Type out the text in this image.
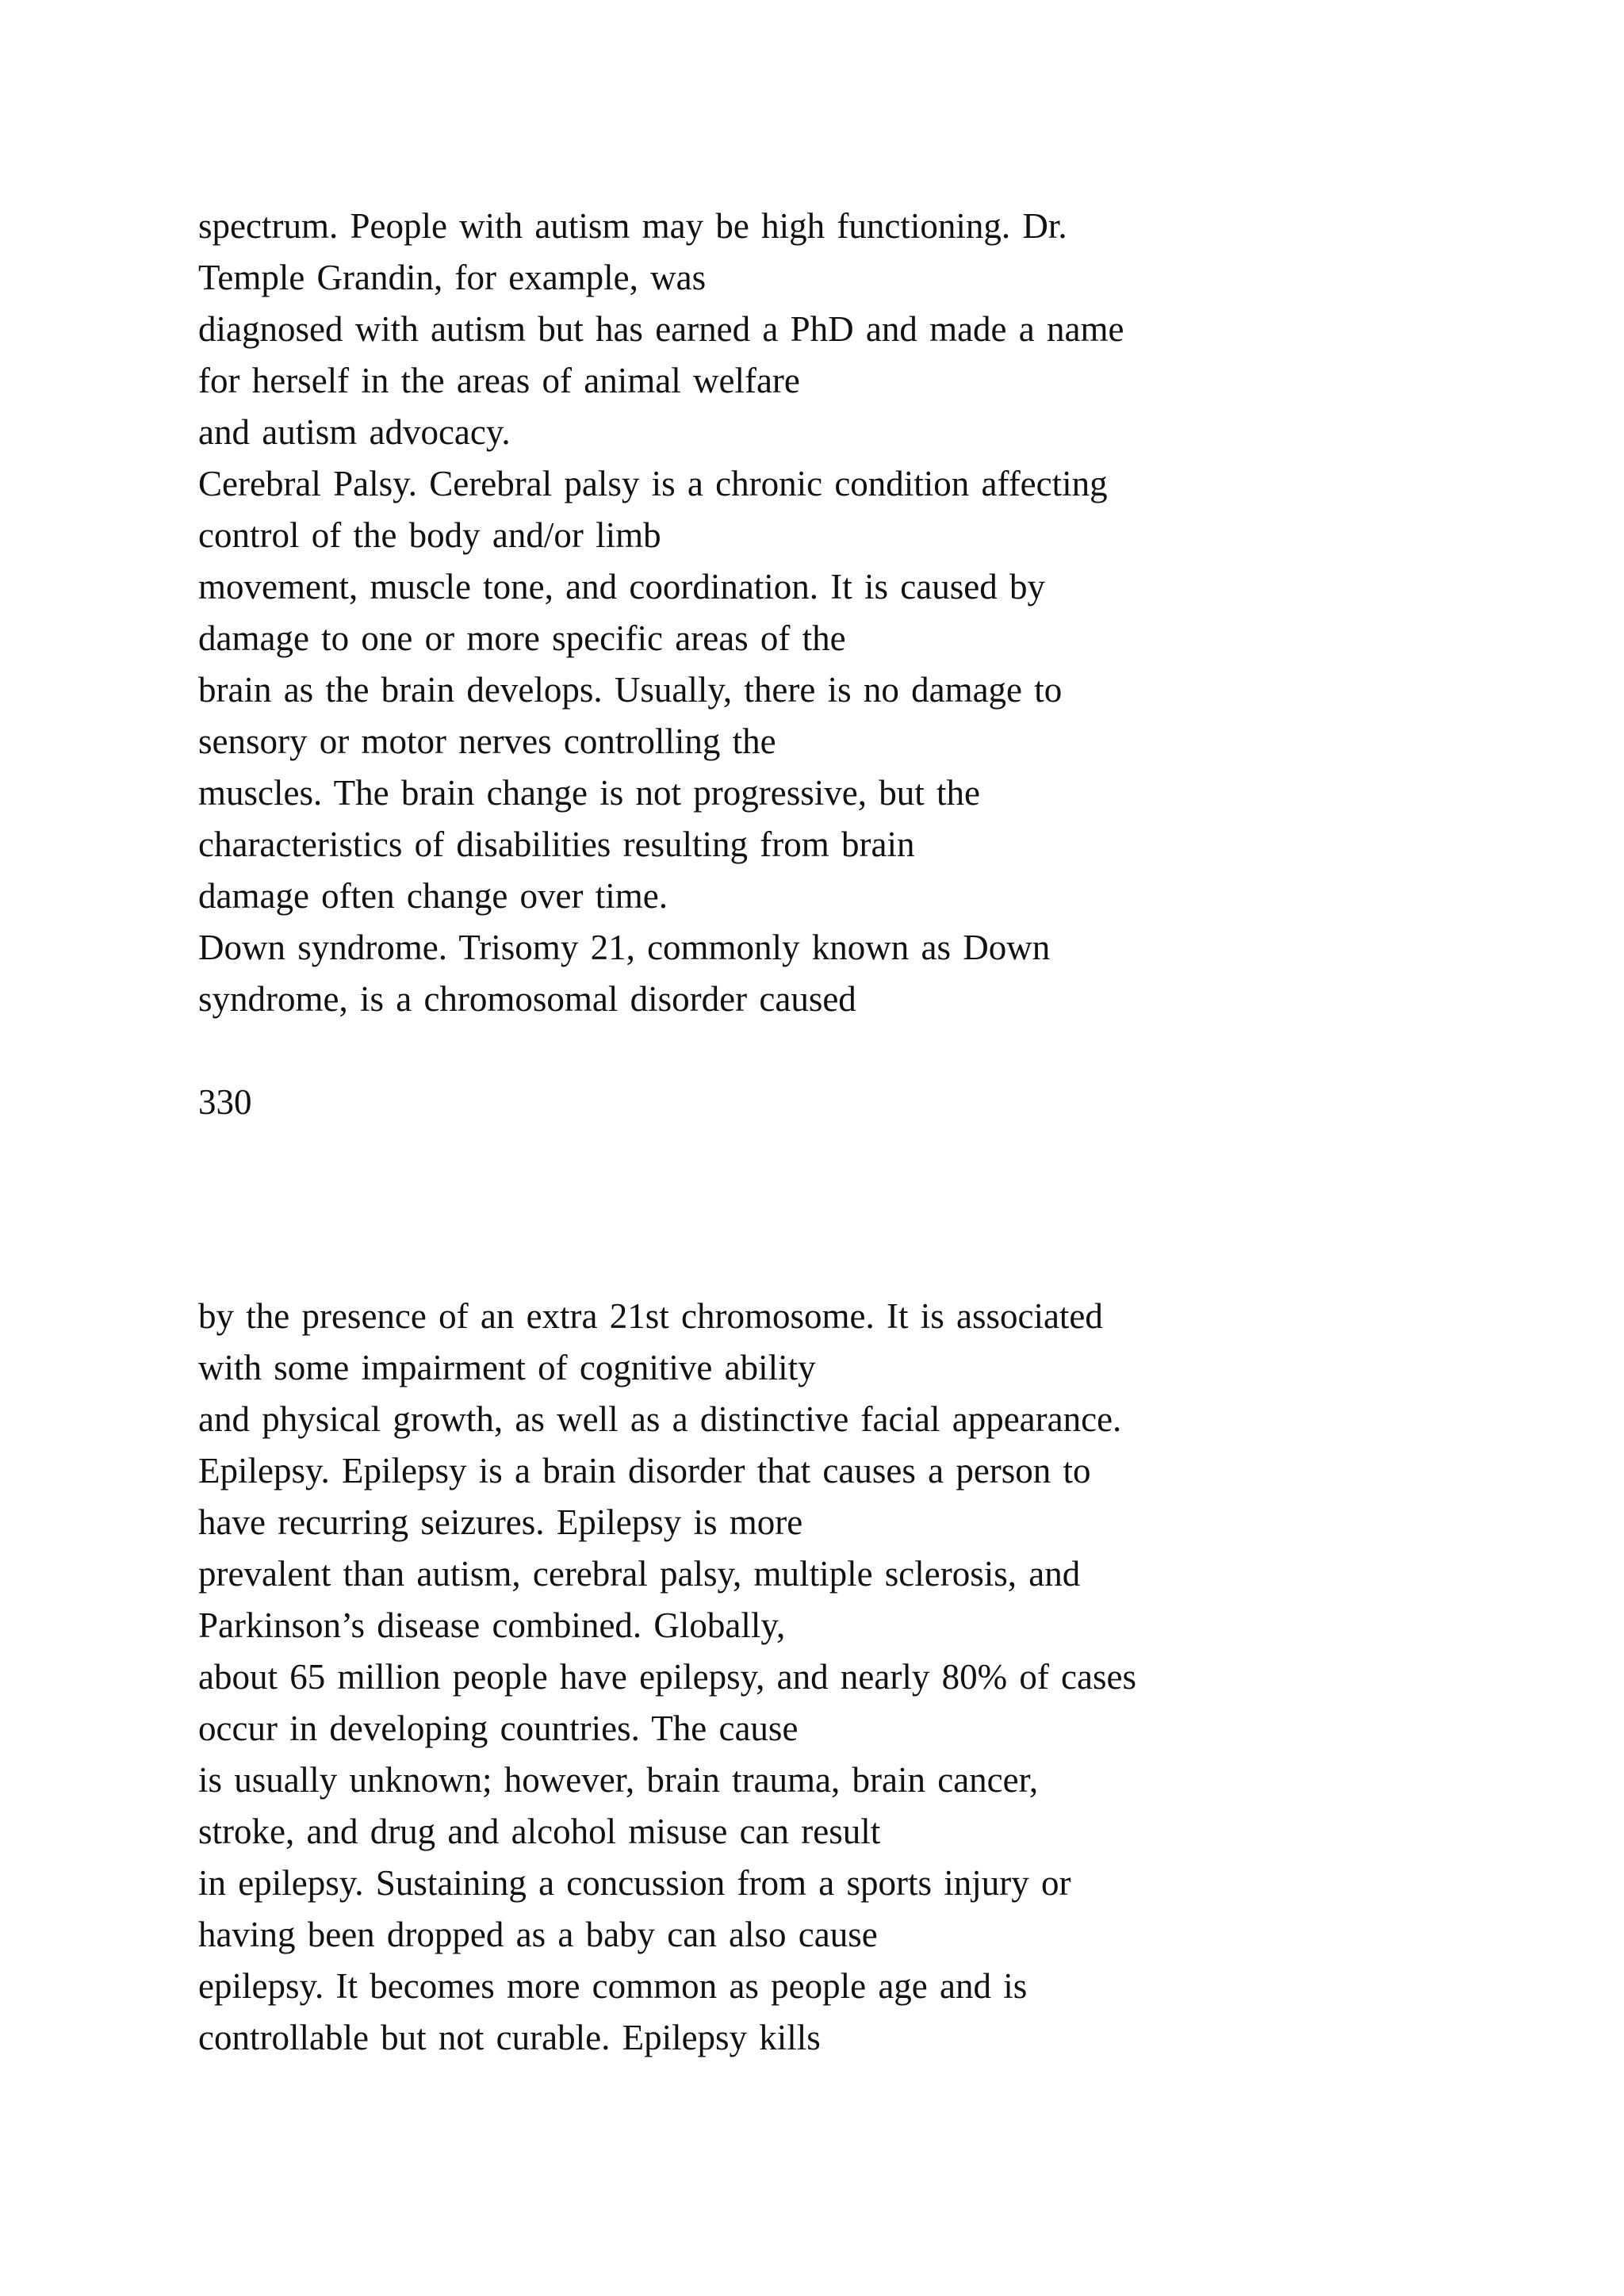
spectrum. People with autism may be high functioning. Dr.

Temple Grandin, for example, was

diagnosed with autism but has earned a PhD and made a name

for herself in the areas of animal welfare

and autism advocacy.

Cerebral Palsy. Cerebral palsy is a chronic condition affecting

control of the body and/or limb

movement, muscle tone, and coordination. It is caused by

damage to one or more specific areas of the

brain as the brain develops. Usually, there is no damage to

sensory or motor nerves controlling the

muscles. The brain change is not progressive, but the

characteristics of disabilities resulting from brain

damage often change over time.

Down syndrome. Trisomy 21, commonly known as Down

syndrome, is a chromosomal disorder caused

330

by the presence of an extra 21st chromosome. It is associated

with some impairment of cognitive ability

and physical growth, as well as a distinctive facial appearance.

Epilepsy. Epilepsy is a brain disorder that causes a person to

have recurring seizures. Epilepsy is more

prevalent than autism, cerebral palsy, multiple sclerosis, and

Parkinson’s disease combined. Globally,

about 65 million people have epilepsy, and nearly 80% of cases

occur in developing countries. The cause

is usually unknown; however, brain trauma, brain cancer,

stroke, and drug and alcohol misuse can result

in epilepsy. Sustaining a concussion from a sports injury or

having been dropped as a baby can also cause

epilepsy. It becomes more common as people age and is

controllable but not curable. Epilepsy kills
